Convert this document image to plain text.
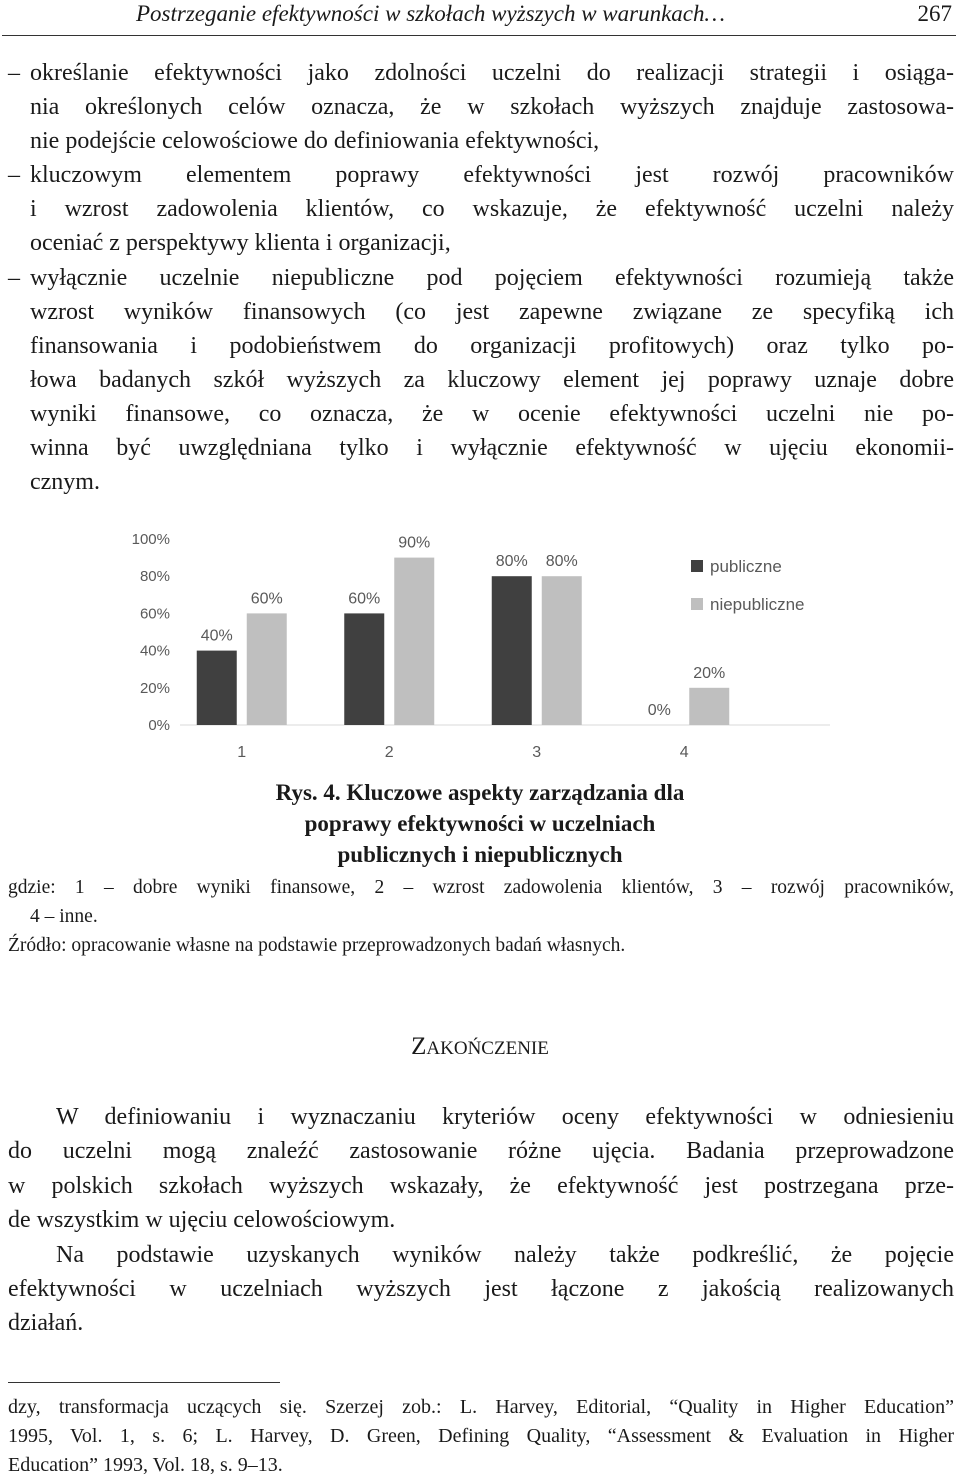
Postrzeganie efektywności w szkołach wyższych w warunkach…	267
– określanie efektywności jako zdolności uczelni do realizacji strategii i osiąga-
nia określonych celów oznacza, że w szkołach wyższych znajduje zastosowa-
nie podejście celowościowe do definiowania efektywności,
– kluczowym elementem poprawy efektywności jest rozwój pracowników
i wzrost zadowolenia klientów, co wskazuje, że efektywność uczelni należy
oceniać z perspektywy klienta i organizacji,
– wyłącznie uczelnie niepubliczne pod pojęciem efektywności rozumieją także
wzrost wyników finansowych (co jest zapewne związane ze specyfiką ich
finansowania i podobieństwem do organizacji profitowych) oraz tylko po-
łowa badanych szkół wyższych za kluczowy element jej poprawy uznaje dobre
wyniki finansowe, co oznacza, że w ocenie efektywności uczelni nie po-
winna być uwzględniana tylko i wyłącznie efektywność w ujęciu ekonomii-
cznym.
0%
20%
40%
60%
80%
100%
40%
60%
1
60%
90%
2
80% 80%
3
0%
20%
4
publiczne
niepubliczne
Rys. 4. Kluczowe aspekty zarządzania dla
poprawy efektywności w uczelniach
publicznych i niepublicznych
gdzie: 1 – dobre wyniki finansowe, 2 – wzrost zadowolenia klientów, 3 – rozwój pracowników,
4 – inne.
Źródło: opracowanie własne na podstawie przeprowadzonych badań własnych.
ZAKOŃCZENIE
W definiowaniu i wyznaczaniu kryteriów oceny efektywności w odniesieniu
do uczelni mogą znaleźć zastosowanie różne ujęcia. Badania przeprowadzone
w polskich szkołach wyższych wskazały, że efektywność jest postrzegana prze-
de wszystkim w ujęciu celowościowym.
Na podstawie uzyskanych wyników należy także podkreślić, że pojęcie
efektywności w uczelniach wyższych jest łączone z jakością realizowanych
działań.
dzy, transformacja uczących się. Szerzej zob.: L. Harvey, Editorial, “Quality in Higher Education”
1995, Vol. 1, s. 6; L. Harvey, D. Green, Defining Quality, “Assessment & Evaluation in Higher
Education” 1993, Vol. 18, s. 9–13.
